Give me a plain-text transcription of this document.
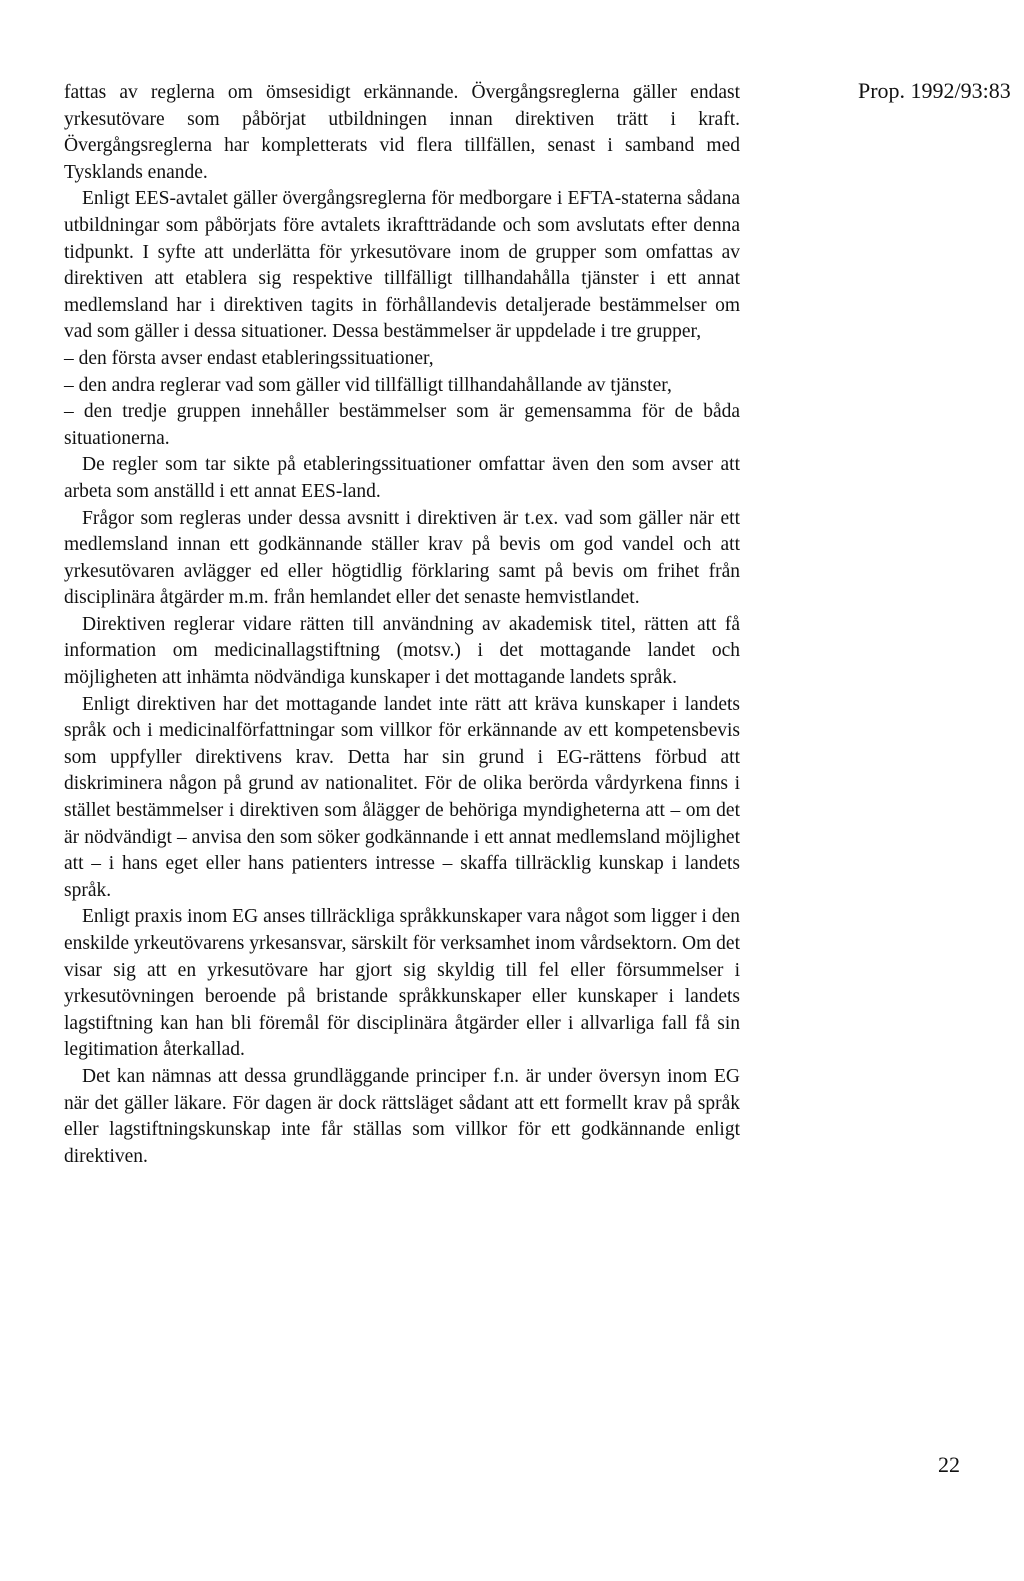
Prop. 1992/93:83

fattas av reglerna om ömsesidigt erkännande. Övergångsreglerna gäller endast yrkesutövare som påbörjat utbildningen innan direktiven trätt i kraft. Övergångsreglerna har kompletterats vid flera tillfällen, senast i samband med Tysklands enande.

Enligt EES-avtalet gäller övergångsreglerna för medborgare i EFTA-staterna sådana utbildningar som påbörjats före avtalets ikraftträdande och som avslutats efter denna tidpunkt. I syfte att underlätta för yrkesutövare inom de grupper som omfattas av direktiven att etablera sig respektive tillfälligt tillhandahålla tjänster i ett annat medlemsland har i direktiven tagits in förhållandevis detaljerade bestämmelser om vad som gäller i dessa situationer. Dessa bestämmelser är uppdelade i tre grupper,

– den första avser endast etableringssituationer,

– den andra reglerar vad som gäller vid tillfälligt tillhandahållande av tjänster,

– den tredje gruppen innehåller bestämmelser som är gemensamma för de båda situationerna.

De regler som tar sikte på etableringssituationer omfattar även den som avser att arbeta som anställd i ett annat EES-land.

Frågor som regleras under dessa avsnitt i direktiven är t.ex. vad som gäller när ett medlemsland innan ett godkännande ställer krav på bevis om god vandel och att yrkesutövaren avlägger ed eller högtidlig förklaring samt på bevis om frihet från disciplinära åtgärder m.m. från hemlandet eller det senaste hemvistlandet.

Direktiven reglerar vidare rätten till användning av akademisk titel, rätten att få information om medicinallagstiftning (motsv.) i det mottagande landet och möjligheten att inhämta nödvändiga kunskaper i det mottagande landets språk.

Enligt direktiven har det mottagande landet inte rätt att kräva kunskaper i landets språk och i medicinalförfattningar som villkor för erkännande av ett kompetensbevis som uppfyller direktivens krav. Detta har sin grund i EG-rättens förbud att diskriminera någon på grund av nationalitet. För de olika berörda vårdyrkena finns i stället bestämmelser i direktiven som ålägger de behöriga myndigheterna att – om det är nödvändigt – anvisa den som söker godkännande i ett annat medlemsland möjlighet att – i hans eget eller hans patienters intresse – skaffa tillräcklig kunskap i landets språk.

Enligt praxis inom EG anses tillräckliga språkkunskaper vara något som ligger i den enskilde yrkeutövarens yrkesansvar, särskilt för verksamhet inom vårdsektorn. Om det visar sig att en yrkesutövare har gjort sig skyldig till fel eller försummelser i yrkesutövningen beroende på bristande språkkunskaper eller kunskaper i landets lagstiftning kan han bli föremål för disciplinära åtgärder eller i allvarliga fall få sin legitimation återkallad.

Det kan nämnas att dessa grundläggande principer f.n. är under översyn inom EG när det gäller läkare. För dagen är dock rättsläget sådant att ett formellt krav på språk eller lagstiftningskunskap inte får ställas som villkor för ett godkännande enligt direktiven.

22
